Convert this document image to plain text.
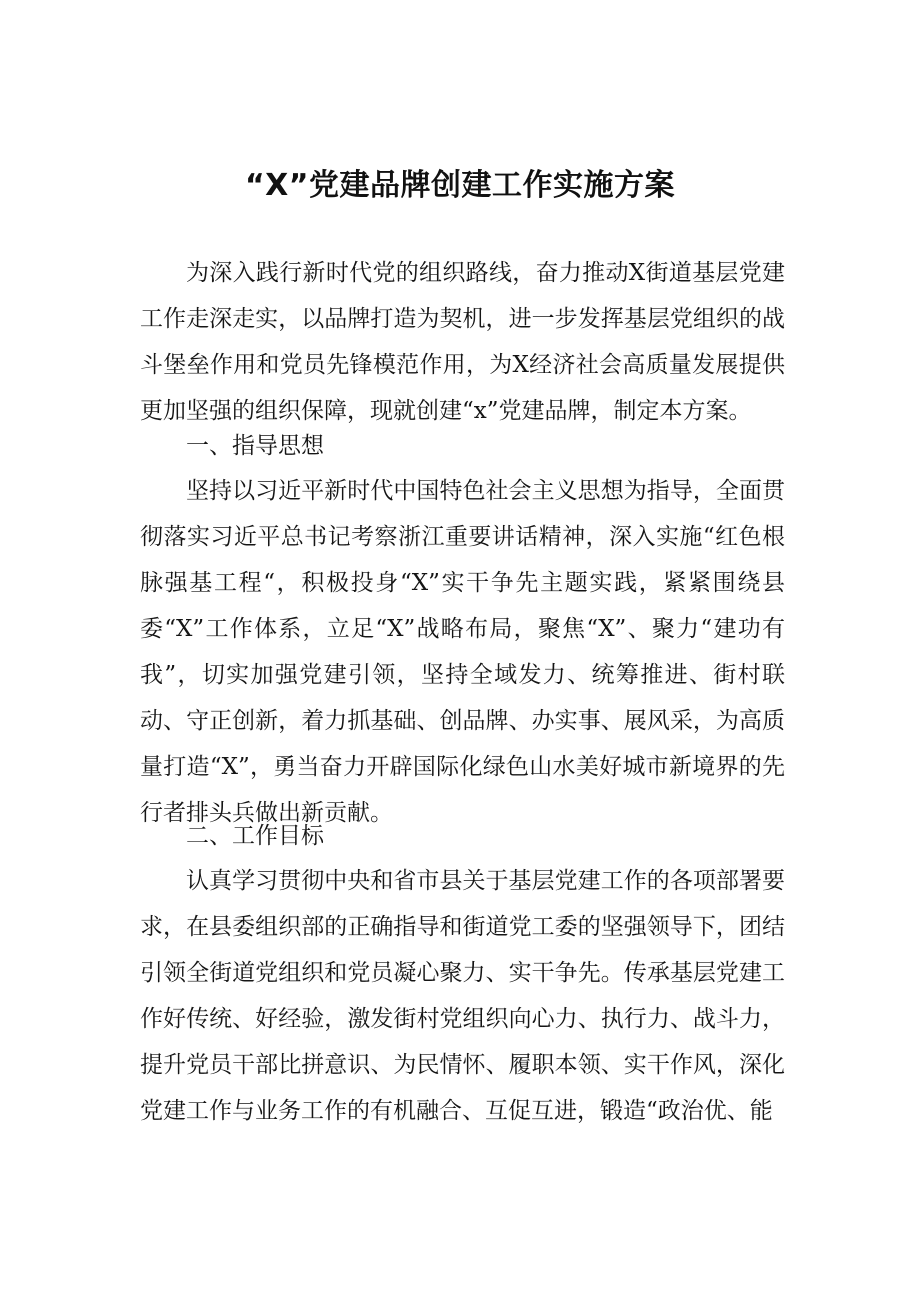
“X”党建品牌创建工作实施方案

为深入践行新时代党的组织路线，奋力推动X街道基层党建工作走深走实，以品牌打造为契机，进一步发挥基层党组织的战斗堡垒作用和党员先锋模范作用，为X经济社会高质量发展提供更加坚强的组织保障，现就创建“x”党建品牌，制定本方案。

一、指导思想

坚持以习近平新时代中国特色社会主义思想为指导，全面贯彻落实习近平总书记考察浙江重要讲话精神，深入实施“红色根脉强基工程“，积极投身“X”实干争先主题实践，紧紧围绕县委“X”工作体系，立足“X”战略布局，聚焦“X”、聚力“建功有我”，切实加强党建引领，坚持全域发力、统筹推进、街村联动、守正创新，着力抓基础、创品牌、办实事、展风采，为高质量打造“X”，勇当奋力开辟国际化绿色山水美好城市新境界的先行者排头兵做出新贡献。

二、工作目标

认真学习贯彻中央和省市县关于基层党建工作的各项部署要求，在县委组织部的正确指导和街道党工委的坚强领导下，团结引领全街道党组织和党员凝心聚力、实干争先。传承基层党建工作好传统、好经验，激发街村党组织向心力、执行力、战斗力，提升党员干部比拼意识、为民情怀、履职本领、实干作风，深化党建工作与业务工作的有机融合、互促互进，锻造“政治优、能
